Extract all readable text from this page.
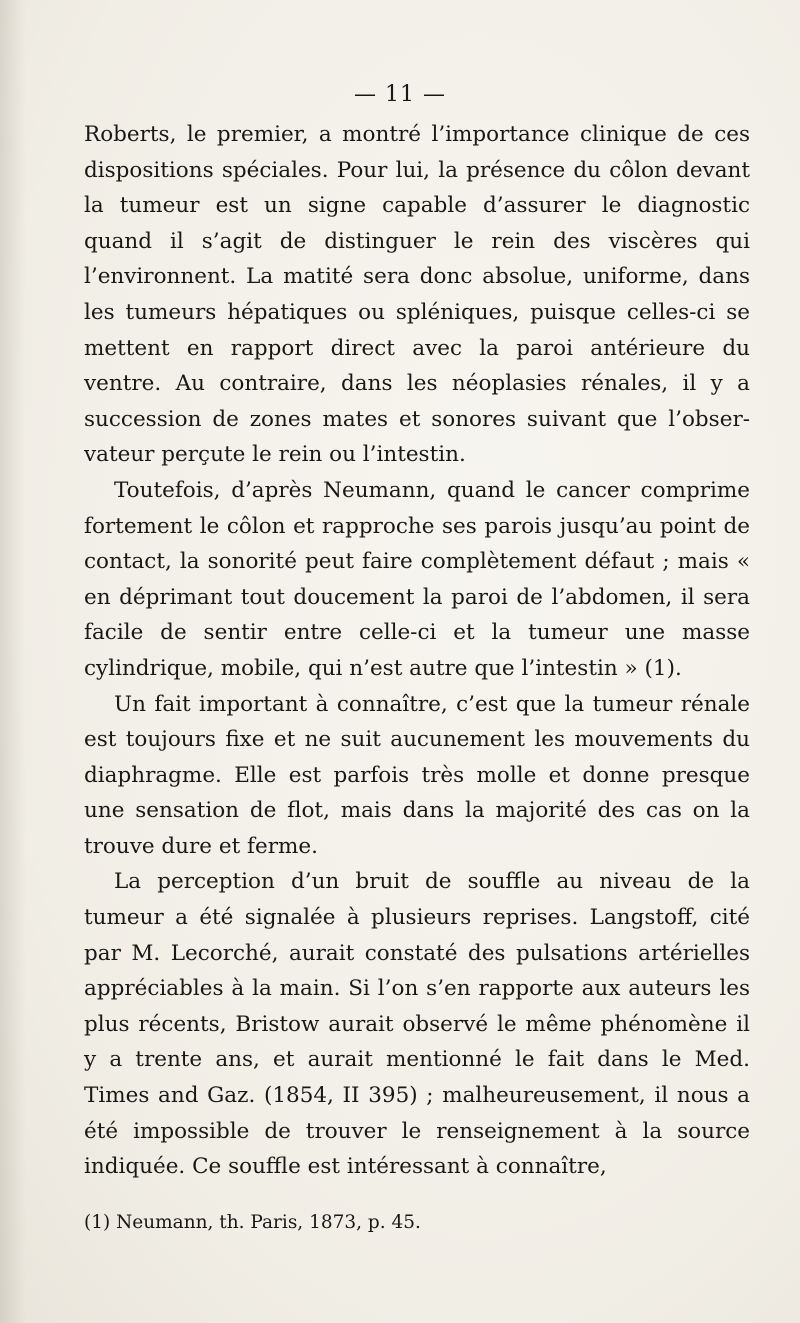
— 11 —

Roberts, le premier, a montré l’importance clinique de ces dispositions spéciales. Pour lui, la présence du côlon devant la tumeur est un signe capable d’assurer le diagnostic quand il s’agit de distinguer le rein des viscères qui l’environnent. La matité sera donc absolue, uniforme, dans les tumeurs hépatiques ou spléniques, puisque celles-ci se mettent en rapport direct avec la paroi antérieure du ventre. Au contraire, dans les néoplasies rénales, il y a succession de zones mates et sonores suivant que l’observateur perçute le rein ou l’intestin.

Toutefois, d’après Neumann, quand le cancer comprime fortement le côlon et rapproche ses parois jusqu’au point de contact, la sonorité peut faire complètement défaut ; mais « en déprimant tout doucement la paroi de l’abdomen, il sera facile de sentir entre celle-ci et la tumeur une masse cylindrique, mobile, qui n’est autre que l’intestin » (1).

Un fait important à connaître, c’est que la tumeur rénale est toujours fixe et ne suit aucunement les mouvements du diaphragme. Elle est parfois très molle et donne presque une sensation de flot, mais dans la majorité des cas on la trouve dure et ferme.

La perception d’un bruit de souffle au niveau de la tumeur a été signalée à plusieurs reprises. Langstoff, cité par M. Lecorché, aurait constaté des pulsations artérielles appréciables à la main. Si l’on s’en rapporte aux auteurs les plus récents, Bristow aurait observé le même phénomène il y a trente ans, et aurait mentionné le fait dans le Med. Times and Gaz. (1854, II 395) ; malheureusement, il nous a été impossible de trouver le renseignement à la source indiquée. Ce souffle est intéressant à connaître,

(1) Neumann, th. Paris, 1873, p. 45.
